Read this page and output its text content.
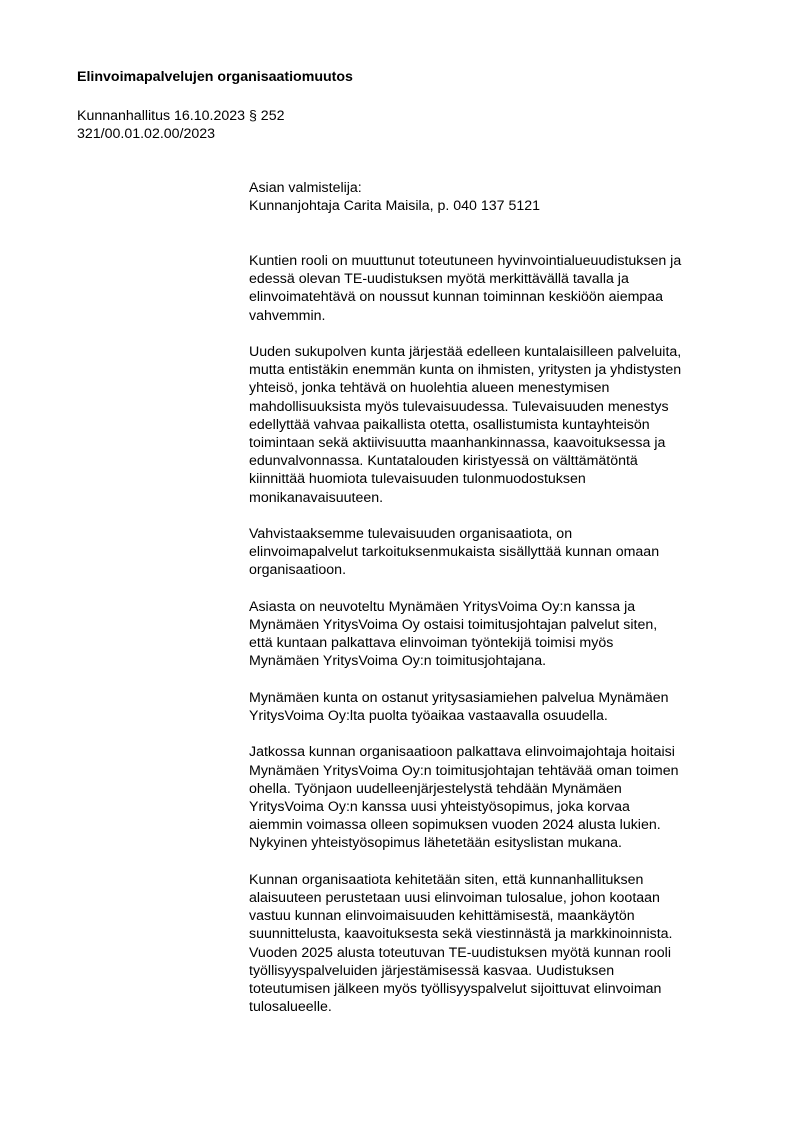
Elinvoimapalvelujen organisaatiomuutos
Kunnanhallitus 16.10.2023 § 252
321/00.01.02.00/2023
Asian valmistelija:
Kunnanjohtaja Carita Maisila, p. 040 137 5121
Kuntien rooli on muuttunut toteutuneen hyvinvointialueuudistuksen ja
edessä olevan TE-uudistuksen myötä merkittävällä tavalla ja
elinvoimatehtävä on noussut kunnan toiminnan keskiöön aiempaa
vahvemmin.
Uuden sukupolven kunta järjestää edelleen kuntalaisilleen palveluita,
mutta entistäkin enemmän kunta on ihmisten, yritysten ja yhdistysten
yhteisö, jonka tehtävä on huolehtia alueen menestymisen
mahdollisuuksista myös tulevaisuudessa. Tulevaisuuden menestys
edellyttää vahvaa paikallista otetta, osallistumista kuntayhteisön
toimintaan sekä aktiivisuutta maanhankinnassa, kaavoituksessa ja
edunvalvonnassa. Kuntatalouden kiristyessä on välttämätöntä
kiinnittää huomiota tulevaisuuden tulonmuodostuksen
monikanavaisuuteen.
Vahvistaaksemme tulevaisuuden organisaatiota, on
elinvoimapalvelut tarkoituksenmukaista sisällyttää kunnan omaan
organisaatioon.
Asiasta on neuvoteltu Mynämäen YritysVoima Oy:n kanssa ja
Mynämäen YritysVoima Oy ostaisi toimitusjohtajan palvelut siten,
että kuntaan palkattava elinvoiman työntekijä toimisi myös
Mynämäen YritysVoima Oy:n toimitusjohtajana.
Mynämäen kunta on ostanut yritysasiamiehen palvelua Mynämäen
YritysVoima Oy:lta puolta työaikaa vastaavalla osuudella.
Jatkossa kunnan organisaatioon palkattava elinvoimajohtaja hoitaisi
Mynämäen YritysVoima Oy:n toimitusjohtajan tehtävää oman toimen
ohella. Työnjaon uudelleenjärjestelystä tehdään Mynämäen
YritysVoima Oy:n kanssa uusi yhteistyösopimus, joka korvaa
aiemmin voimassa olleen sopimuksen vuoden 2024 alusta lukien.
Nykyinen yhteistyösopimus lähetetään esityslistan mukana.
Kunnan organisaatiota kehitetään siten, että kunnanhallituksen
alaisuuteen perustetaan uusi elinvoiman tulosalue, johon kootaan
vastuu kunnan elinvoimaisuuden kehittämisestä, maankäytön
suunnittelusta, kaavoituksesta sekä viestinnästä ja markkinoinnista.
Vuoden 2025 alusta toteutuvan TE-uudistuksen myötä kunnan rooli
työllisyyspalveluiden järjestämisessä kasvaa. Uudistuksen
toteutumisen jälkeen myös työllisyyspalvelut sijoittuvat elinvoiman
tulosalueelle.
